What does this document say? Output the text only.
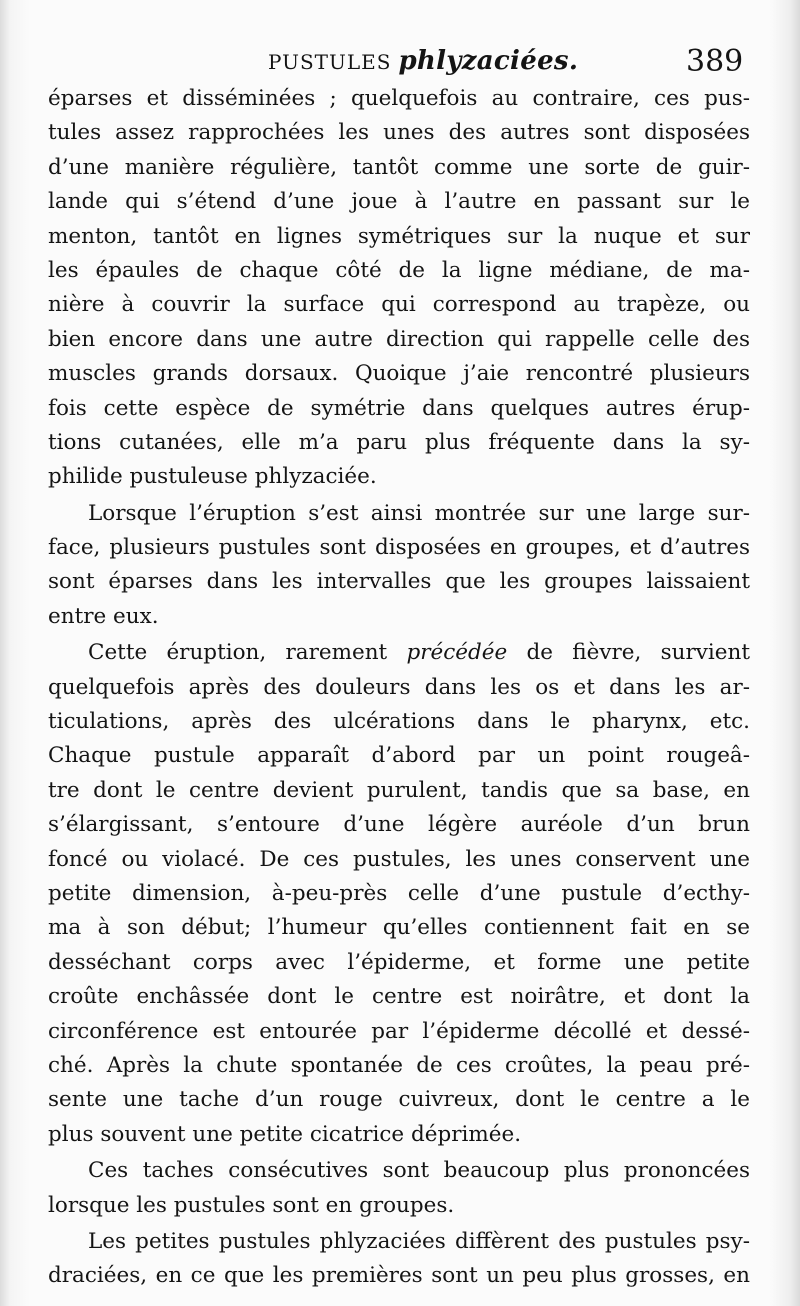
PUSTULES phlyzaciées.	389
éparses et disséminées ; quelquefois au contraire, ces pus-
tules assez rapprochées les unes des autres sont disposées
d’une manière régulière, tantôt comme une sorte de guir-
lande qui s’étend d’une joue à l’autre en passant sur le
menton, tantôt en lignes symétriques sur la nuque et sur
les épaules de chaque côté de la ligne médiane, de ma-
nière à couvrir la surface qui correspond au trapèze, ou
bien encore dans une autre direction qui rappelle celle des
muscles grands dorsaux. Quoique j’aie rencontré plusieurs
fois cette espèce de symétrie dans quelques autres érup-
tions cutanées, elle m’a paru plus fréquente dans la sy-
philide pustuleuse phlyzaciée.
Lorsque l’éruption s’est ainsi montrée sur une large sur-
face, plusieurs pustules sont disposées en groupes, et d’autres
sont éparses dans les intervalles que les groupes laissaient
entre eux.
Cette éruption, rarement précédée de fièvre, survient
quelquefois après des douleurs dans les os et dans les ar-
ticulations, après des ulcérations dans le pharynx, etc.
Chaque pustule apparaît d’abord par un point rougeâ-
tre dont le centre devient purulent, tandis que sa base, en
s’élargissant, s’entoure d’une légère auréole d’un brun
foncé ou violacé. De ces pustules, les unes conservent une
petite dimension, à-peu-près celle d’une pustule d’ecthy-
ma à son début; l’humeur qu’elles contiennent fait en se
desséchant corps avec l’épiderme, et forme une petite
croûte enchâssée dont le centre est noirâtre, et dont la
circonférence est entourée par l’épiderme décollé et dessé-
ché. Après la chute spontanée de ces croûtes, la peau pré-
sente une tache d’un rouge cuivreux, dont le centre a le
plus souvent une petite cicatrice déprimée.
Ces taches consécutives sont beaucoup plus prononcées
lorsque les pustules sont en groupes.
Les petites pustules phlyzaciées diffèrent des pustules psy-
draciées, en ce que les premières sont un peu plus grosses, en
